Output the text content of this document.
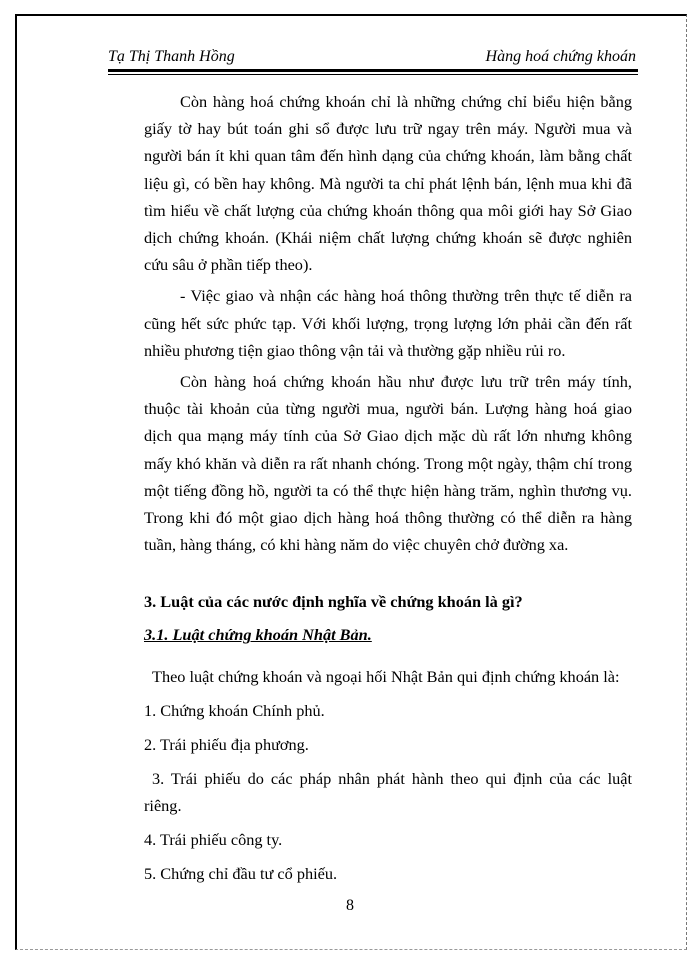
Tạ Thị Thanh Hồng	Hàng hoá chứng khoán

Còn hàng hoá chứng khoán chỉ là những chứng chỉ biểu hiện bằng giấy tờ hay bút toán ghi sổ được lưu trữ ngay trên máy. Người mua và người bán ít khi quan tâm đến hình dạng của chứng khoán, làm bằng chất liệu gì, có bền hay không. Mà người ta chỉ phát lệnh bán, lệnh mua khi đã tìm hiểu về chất lượng của chứng khoán thông qua môi giới hay Sở Giao dịch chứng khoán. (Khái niệm chất lượng chứng khoán sẽ được nghiên cứu sâu ở phần tiếp theo).

- Việc giao và nhận các hàng hoá thông thường trên thực tế diễn ra cũng hết sức phức tạp. Với khối lượng, trọng lượng lớn phải cần đến rất nhiều phương tiện giao thông vận tải và thường gặp nhiều rủi ro.

Còn hàng hoá chứng khoán hầu như được lưu trữ trên máy tính, thuộc tài khoản của từng người mua, người bán. Lượng hàng hoá giao dịch qua mạng máy tính của Sở Giao dịch mặc dù rất lớn nhưng không mấy khó khăn và diễn ra rất nhanh chóng. Trong một ngày, thậm chí trong một tiếng đồng hồ, người ta có thể thực hiện hàng trăm, nghìn thương vụ. Trong khi đó một giao dịch hàng hoá thông thường có thể diễn ra hàng tuần, hàng tháng, có khi hàng năm do việc chuyên chở đường xa.

3. Luật của các nước định nghĩa về chứng khoán là gì?

3.1. Luật chứng khoán Nhật Bản.

Theo luật chứng khoán và ngoại hối Nhật Bản qui định chứng khoán là:

1. Chứng khoán Chính phủ.

2. Trái phiếu địa phương.

3. Trái phiếu do các pháp nhân phát hành theo qui định của các luật riêng.

4. Trái phiếu công ty.

5. Chứng chỉ đầu tư cổ phiếu.

8
